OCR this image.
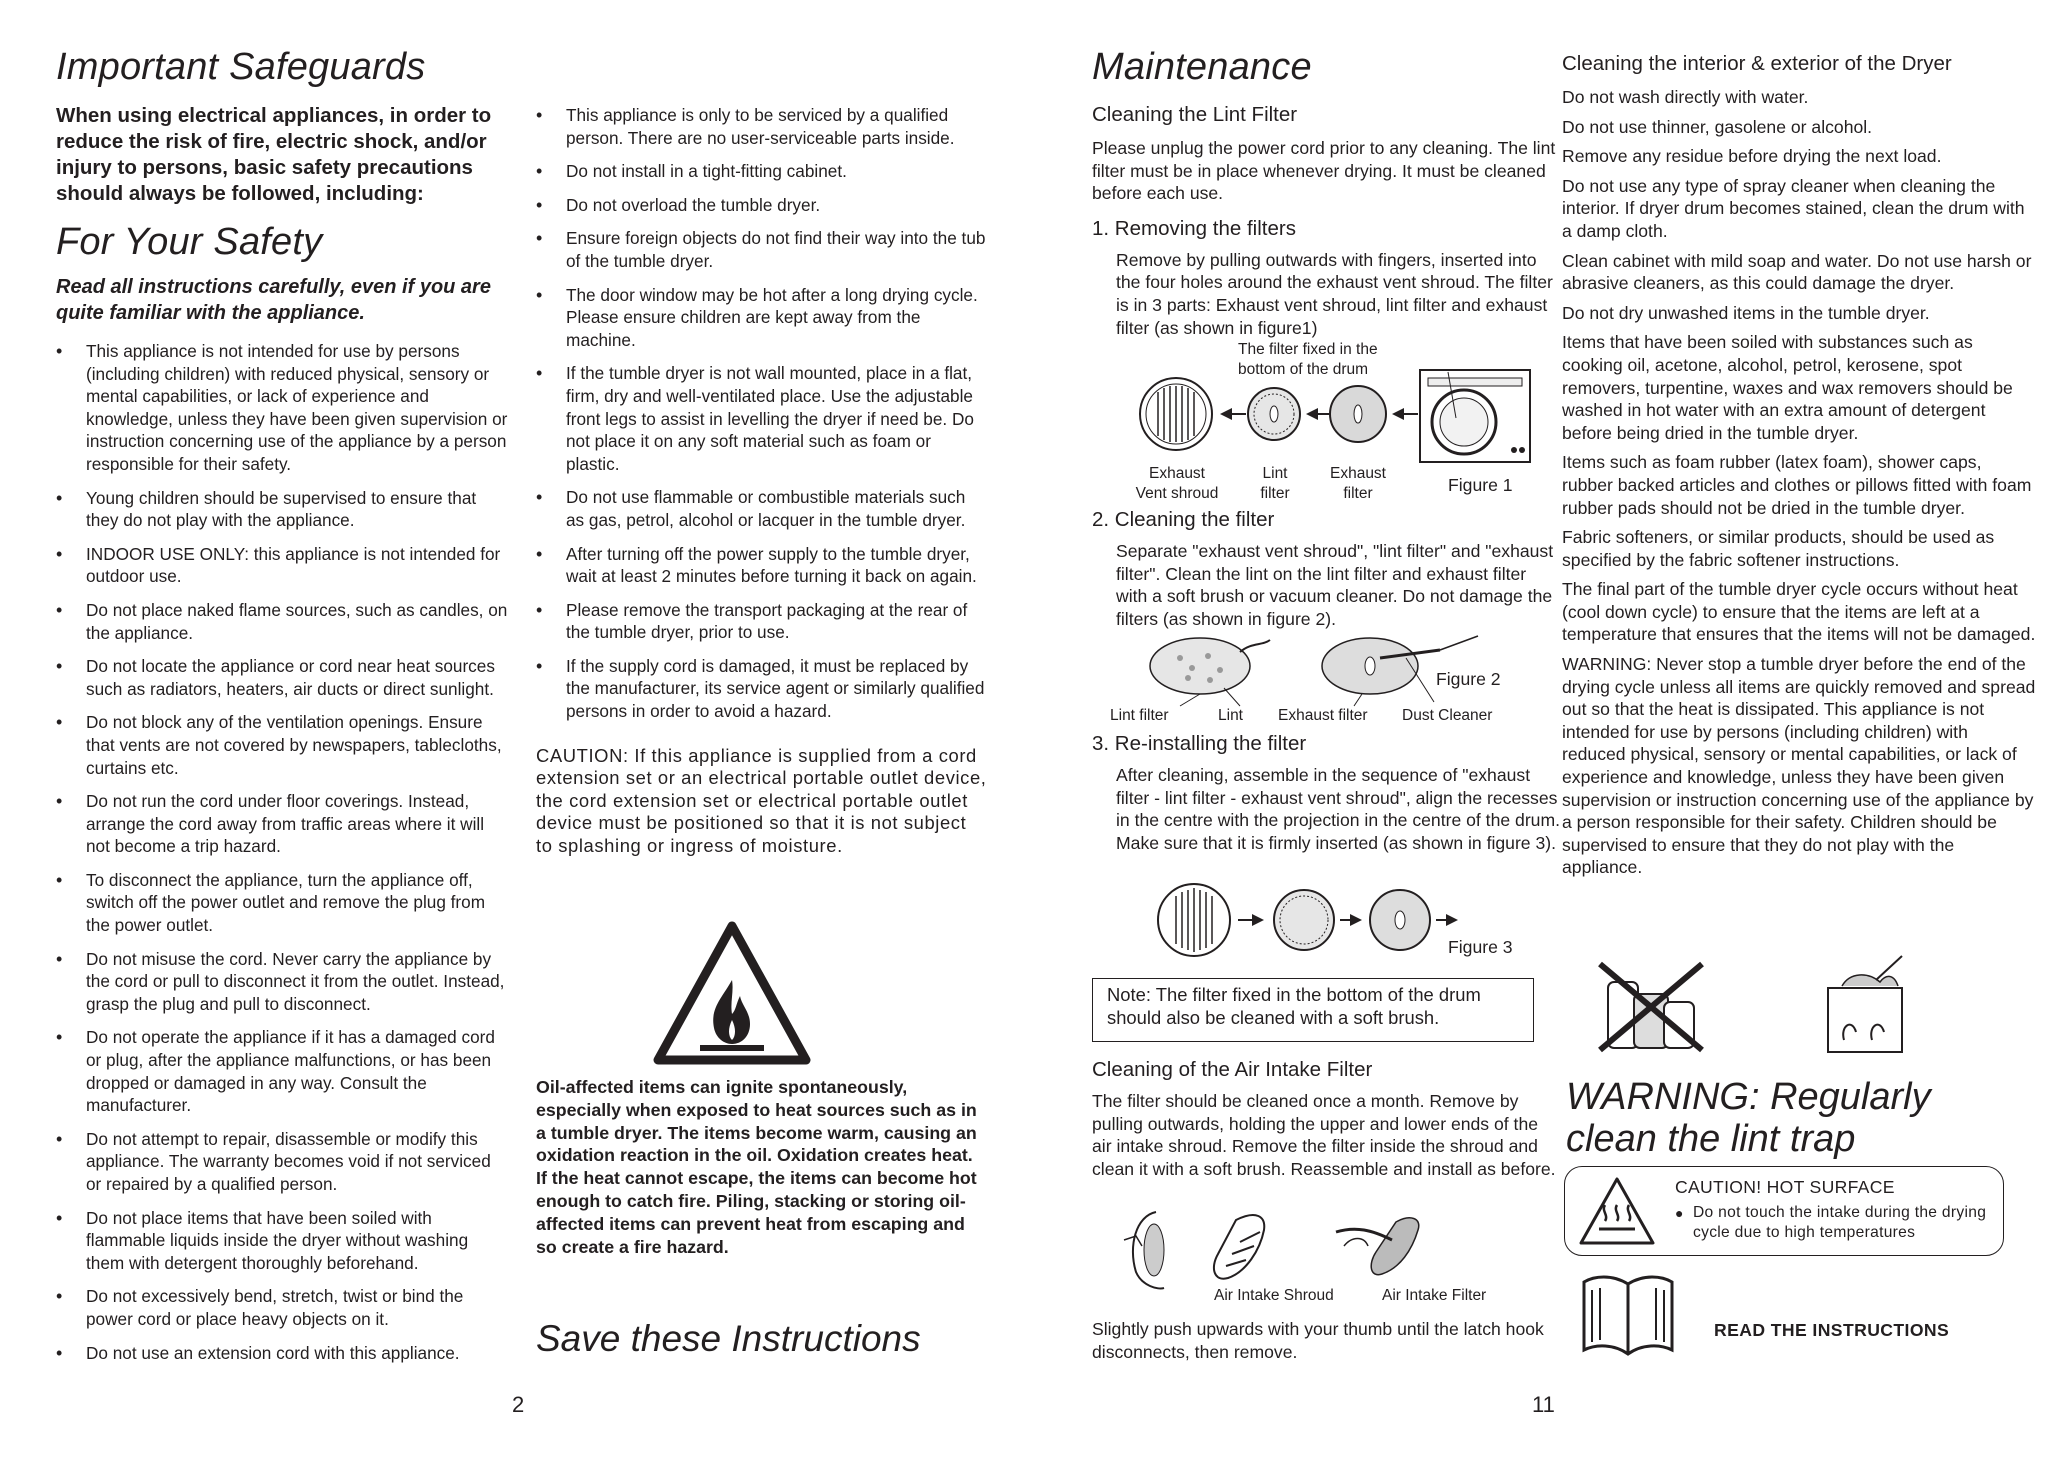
Important Safeguards

When using electrical appliances, in order to reduce the risk of fire, electric shock, and/or injury to persons, basic safety precautions should always be followed, including:

For Your Safety

Read all instructions carefully, even if you are quite familiar with the appliance.

• This appliance is not intended for use by persons (including children) with reduced physical, sensory or mental capabilities, or lack of experience and knowledge, unless they have been given supervision or instruction concerning use of the appliance by a person responsible for their safety.
• Young children should be supervised to ensure that they do not play with the appliance.
• INDOOR USE ONLY: this appliance is not intended for outdoor use.
• Do not place naked flame sources, such as candles, on the appliance.
• Do not locate the appliance or cord near heat sources such as radiators, heaters, air ducts or direct sunlight.
• Do not block any of the ventilation openings. Ensure that vents are not covered by newspapers, tablecloths, curtains etc.
• Do not run the cord under floor coverings. Instead, arrange the cord away from traffic areas where it will not become a trip hazard.
• To disconnect the appliance, turn the appliance off, switch off the power outlet and remove the plug from the power outlet.
• Do not misuse the cord. Never carry the appliance by the cord or pull to disconnect it from the outlet. Instead, grasp the plug and pull to disconnect.
• Do not operate the appliance if it has a damaged cord or plug, after the appliance malfunctions, or has been dropped or damaged in any way. Consult the manufacturer.
• Do not attempt to repair, disassemble or modify this appliance. The warranty becomes void if not serviced or repaired by a qualified person.
• Do not place items that have been soiled with flammable liquids inside the dryer without washing them with detergent thoroughly beforehand.
• Do not excessively bend, stretch, twist or bind the power cord or place heavy objects on it.
• Do not use an extension cord with this appliance.
• This appliance is only to be serviced by a qualified person. There are no user-serviceable parts inside.
• Do not install in a tight-fitting cabinet.
• Do not overload the tumble dryer.
• Ensure foreign objects do not find their way into the tub of the tumble dryer.
• The door window may be hot after a long drying cycle. Please ensure children are kept away from the machine.
• If the tumble dryer is not wall mounted, place in a flat, firm, dry and well-ventilated place. Use the adjustable front legs to assist in levelling the dryer if need be. Do not place it on any soft material such as foam or plastic.
• Do not use flammable or combustible materials such as gas, petrol, alcohol or lacquer in the tumble dryer.
• After turning off the power supply to the tumble dryer, wait at least 2 minutes before turning it back on again.
• Please remove the transport packaging at the rear of the tumble dryer, prior to use.
• If the supply cord is damaged, it must be replaced by the manufacturer, its service agent or similarly qualified persons in order to avoid a hazard.

CAUTION: If this appliance is supplied from a cord extension set or an electrical portable outlet device, the cord extension set or electrical portable outlet device must be positioned so that it is not subject to splashing or ingress of moisture.

Oil-affected items can ignite spontaneously, especially when exposed to heat sources such as in a tumble dryer. The items become warm, causing an oxidation reaction in the oil. Oxidation creates heat. If the heat cannot escape, the items can become hot enough to catch fire. Piling, stacking or storing oil-affected items can prevent heat from escaping and so create a fire hazard.

Save these Instructions

2
Maintenance
Cleaning the Lint Filter

Please unplug the power cord prior to any cleaning. The lint filter must be in place whenever drying. It must be cleaned before each use.

1. Removing the filters

Remove by pulling outwards with fingers, inserted into the four holes around the exhaust vent shroud. The filter is in 3 parts: Exhaust vent shroud, lint filter and exhaust filter (as shown in figure1)

The filter fixed in the
bottom of the drum
Exhaust
Vent shroud
Lint
filter
Exhaust
filter	Figure 1
2. Cleaning the filter

Separate "exhaust vent shroud", "lint filter" and "exhaust filter". Clean the lint on the lint filter and exhaust filter with a soft brush or vacuum cleaner. Do not damage the filters (as shown in figure 2).

Figure 2
Lint filter	Lint Exhaust filter Dust Cleaner
3. Re-installing the filter

After cleaning, assemble in the sequence of "exhaust filter - lint filter - exhaust vent shroud", align the recesses in the centre with the projection in the centre of the drum. Make sure that it is firmly inserted (as shown in figure 3).

Figure 3
Note: The filter fixed in the bottom of the drum should also be cleaned with a soft brush.
Cleaning of the Air Intake Filter

The filter should be cleaned once a month. Remove by pulling outwards, holding the upper and lower ends of the air intake shroud. Remove the filter inside the shroud and clean it with a soft brush. Reassemble and install as before.

Air Intake Shroud	Air Intake Filter

Slightly push upwards with your thumb until the latch hook disconnects, then remove.

11
Cleaning the interior & exterior of the Dryer

Do not wash directly with water.

Do not use thinner, gasolene or alcohol.

Remove any residue before drying the next load.

Do not use any type of spray cleaner when cleaning the interior. If dryer drum becomes stained, clean the drum with a damp cloth.

Clean cabinet with mild soap and water. Do not use harsh or abrasive cleaners, as this could damage the dryer.

Do not dry unwashed items in the tumble dryer.

Items that have been soiled with substances such as cooking oil, acetone, alcohol, petrol, kerosene, spot removers, turpentine, waxes and wax removers should be washed in hot water with an extra amount of detergent before being dried in the tumble dryer.

Items such as foam rubber (latex foam), shower caps, rubber backed articles and clothes or pillows fitted with foam rubber pads should not be dried in the tumble dryer.

Fabric softeners, or similar products, should be used as specified by the fabric softener instructions.

The final part of the tumble dryer cycle occurs without heat (cool down cycle) to ensure that the items are left at a temperature that ensures that the items will not be damaged.

WARNING: Never stop a tumble dryer before the end of the drying cycle unless all items are quickly removed and spread out so that the heat is dissipated. This appliance is not intended for use by persons (including children) with reduced physical, sensory or mental capabilities, or lack of experience and knowledge, unless they have been given supervision or instruction concerning use of the appliance by a person responsible for their safety. Children should be supervised to ensure that they do not play with the appliance.

WARNING: Regularly clean the lint trap

CAUTION! HOT SURFACE
● Do not touch the intake during the drying cycle due to high temperatures
READ THE INSTRUCTIONS
